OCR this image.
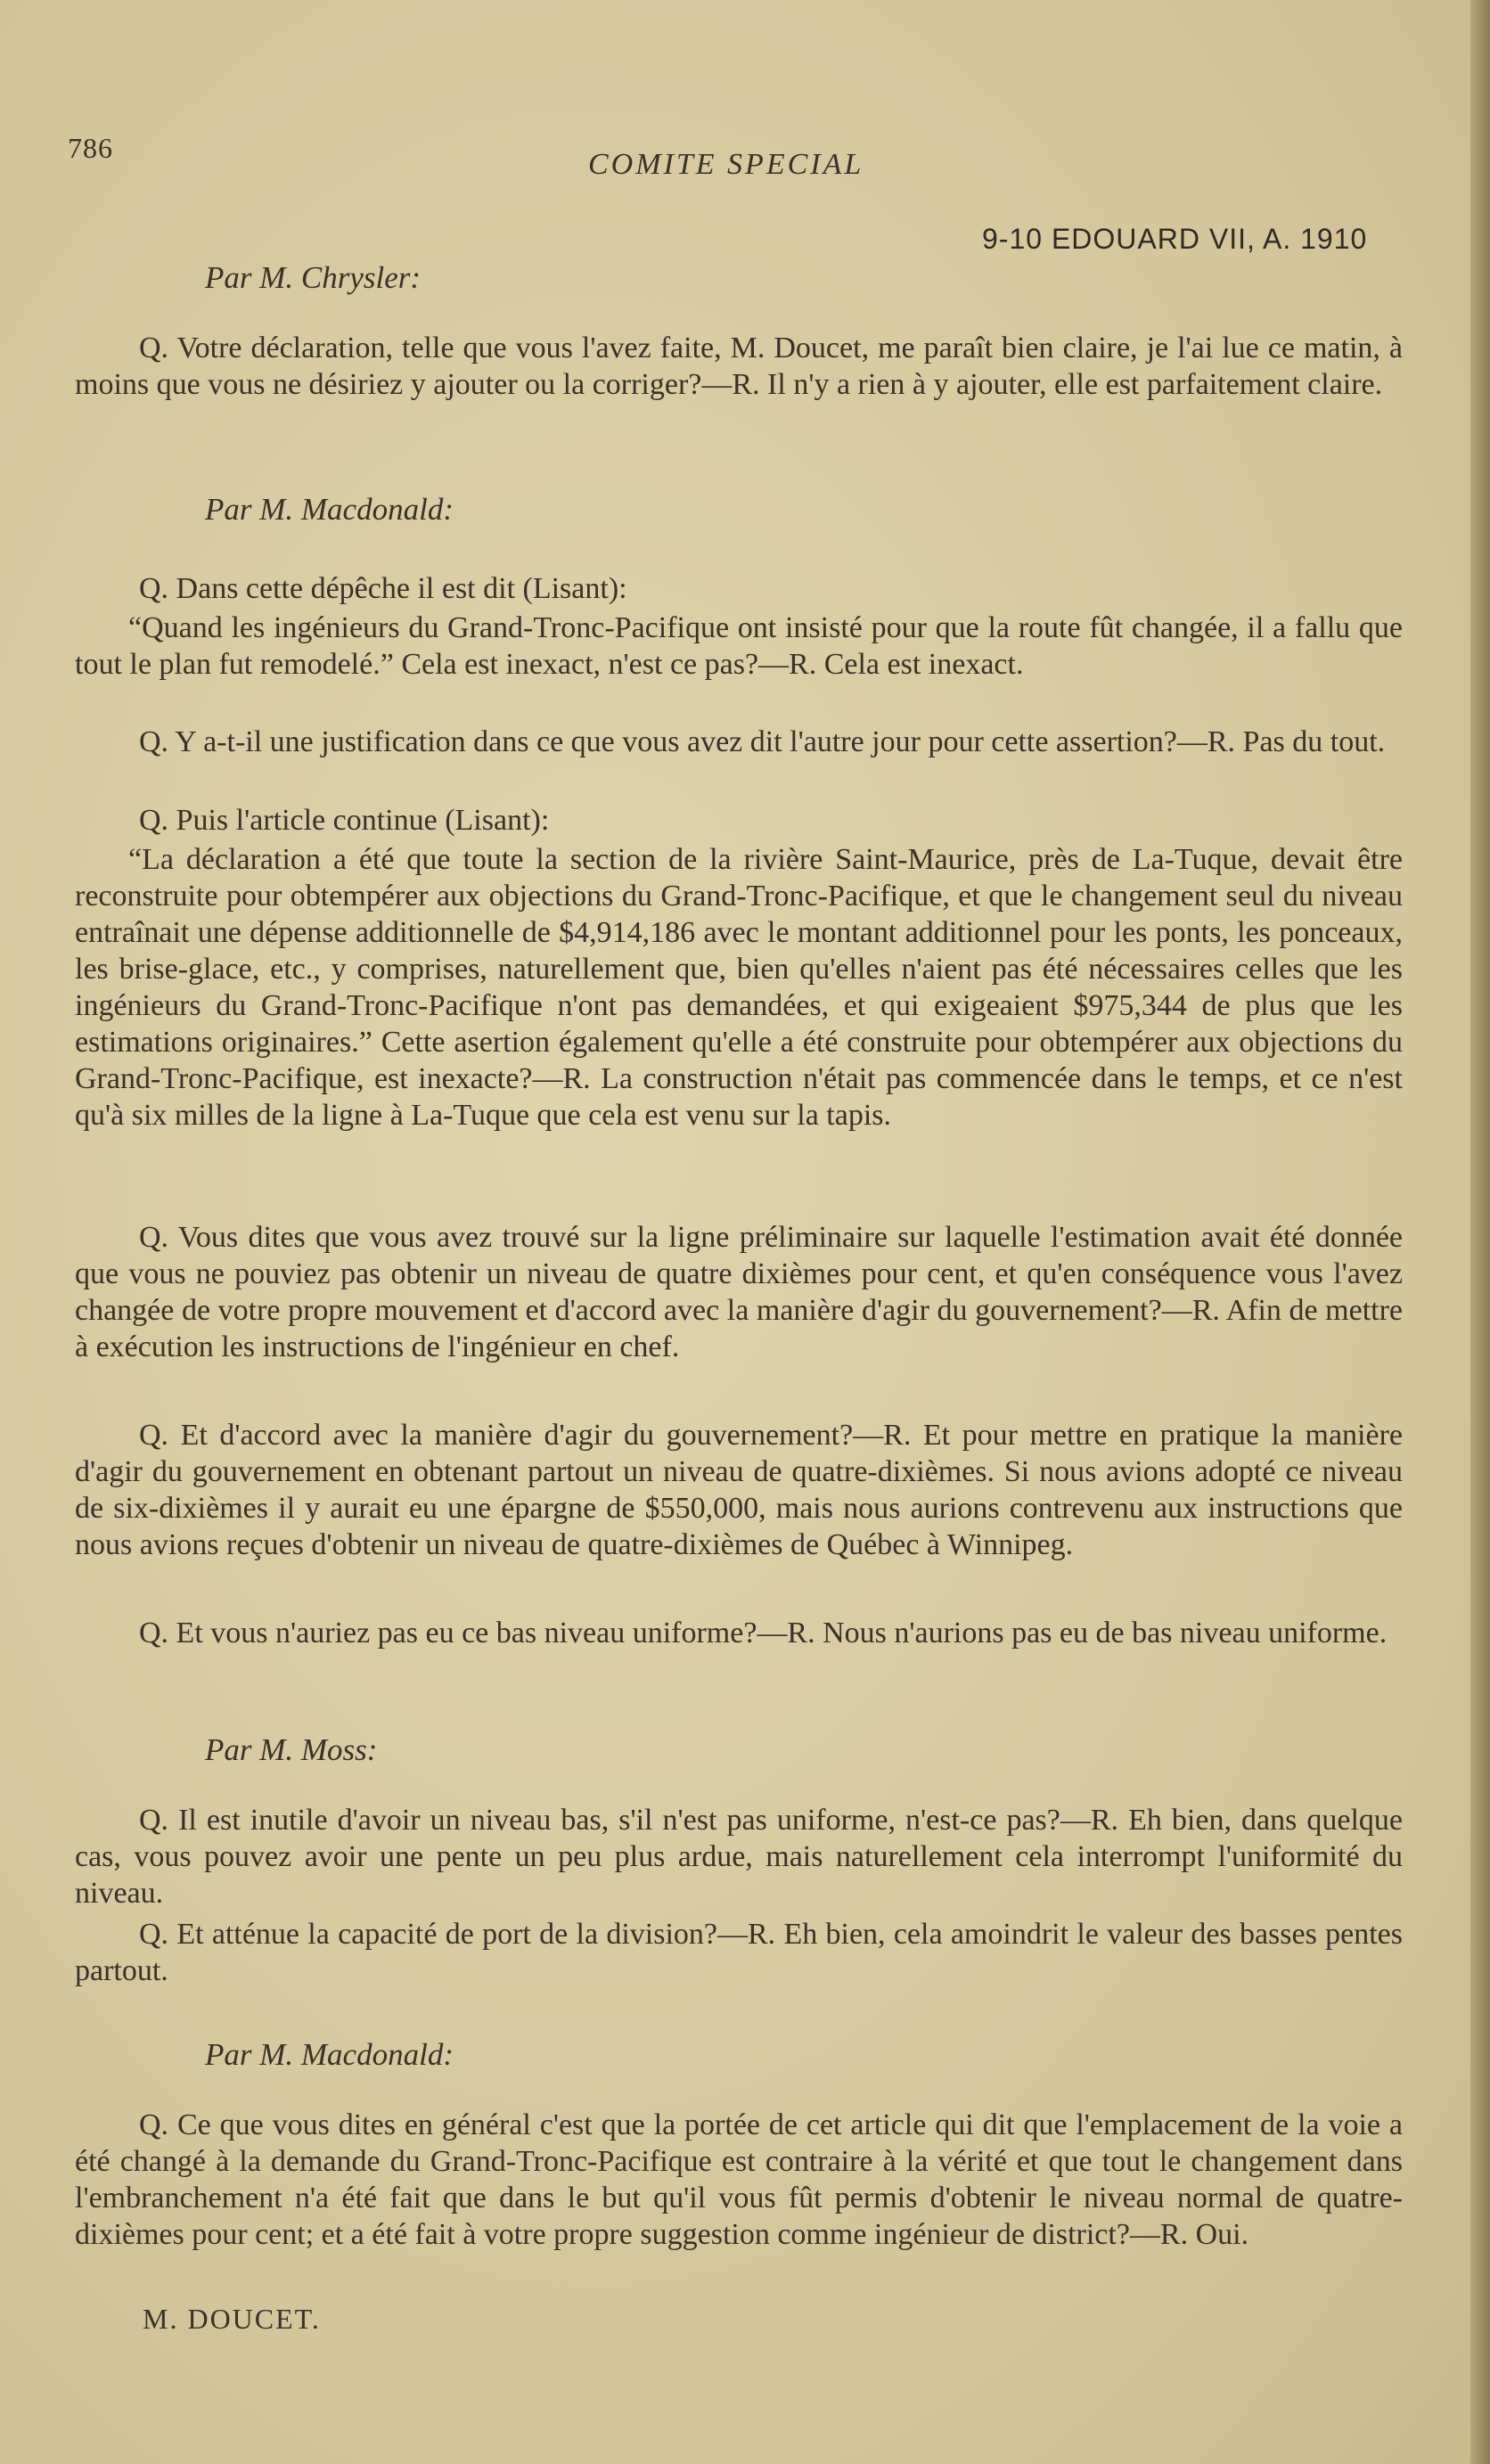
786	COMITE SPECIAL
9-10 EDOUARD VII, A. 1910
Par M. Chrysler:

Q. Votre déclaration, telle que vous l'avez faite, M. Doucet, me paraît bien claire, je l'ai lue ce matin, à moins que vous ne désiriez y ajouter ou la corriger?—R. Il n'y a rien à y ajouter, elle est parfaitement claire.

Par M. Macdonald:

Q. Dans cette dépêche il est dit (Lisant):

“Quand les ingénieurs du Grand-Tronc-Pacifique ont insisté pour que la route fût changée, il a fallu que tout le plan fut remodelé.” Cela est inexact, n'est ce pas?—R. Cela est inexact.

Q. Y a-t-il une justification dans ce que vous avez dit l'autre jour pour cette assertion?—R. Pas du tout.

Q. Puis l'article continue (Lisant):

“La déclaration a été que toute la section de la rivière Saint-Maurice, près de La-Tuque, devait être reconstruite pour obtempérer aux objections du Grand-Tronc-Pacifique, et que le changement seul du niveau entraînait une dépense additionnelle de $4,914,186 avec le montant additionnel pour les ponts, les ponceaux, les brise-glace, etc., y comprises, naturellement que, bien qu'elles n'aient pas été nécessaires celles que les ingénieurs du Grand-Tronc-Pacifique n'ont pas demandées, et qui exigeaient $975,344 de plus que les estimations originaires.” Cette asertion également qu'elle a été construite pour obtempérer aux objections du Grand-Tronc-Pacifique, est inexacte?—R. La construction n'était pas commencée dans le temps, et ce n'est qu'à six milles de la ligne à La-Tuque que cela est venu sur la tapis.

Q. Vous dites que vous avez trouvé sur la ligne préliminaire sur laquelle l'estimation avait été donnée que vous ne pouviez pas obtenir un niveau de quatre dixièmes pour cent, et qu'en conséquence vous l'avez changée de votre propre mouvement et d'accord avec la manière d'agir du gouvernement?—R. Afin de mettre à exécution les instructions de l'ingénieur en chef.

Q. Et d'accord avec la manière d'agir du gouvernement?—R. Et pour mettre en pratique la manière d'agir du gouvernement en obtenant partout un niveau de quatre-dixièmes. Si nous avions adopté ce niveau de six-dixièmes il y aurait eu une épargne de $550,000, mais nous aurions contrevenu aux instructions que nous avions reçues d'obtenir un niveau de quatre-dixièmes de Québec à Winnipeg.

Q. Et vous n'auriez pas eu ce bas niveau uniforme?—R. Nous n'aurions pas eu de bas niveau uniforme.

Par M. Moss:

Q. Il est inutile d'avoir un niveau bas, s'il n'est pas uniforme, n'est-ce pas?—R. Eh bien, dans quelque cas, vous pouvez avoir une pente un peu plus ardue, mais naturellement cela interrompt l'uniformité du niveau.

Q. Et atténue la capacité de port de la division?—R. Eh bien, cela amoindrit le valeur des basses pentes partout.

Par M. Macdonald:

Q. Ce que vous dites en général c'est que la portée de cet article qui dit que l'emplacement de la voie a été changé à la demande du Grand-Tronc-Pacifique est contraire à la vérité et que tout le changement dans l'embranchement n'a été fait que dans le but qu'il vous fût permis d'obtenir le niveau normal de quatre-dixièmes pour cent; et a été fait à votre propre suggestion comme ingénieur de district?—R. Oui.

M. DOUCET.
